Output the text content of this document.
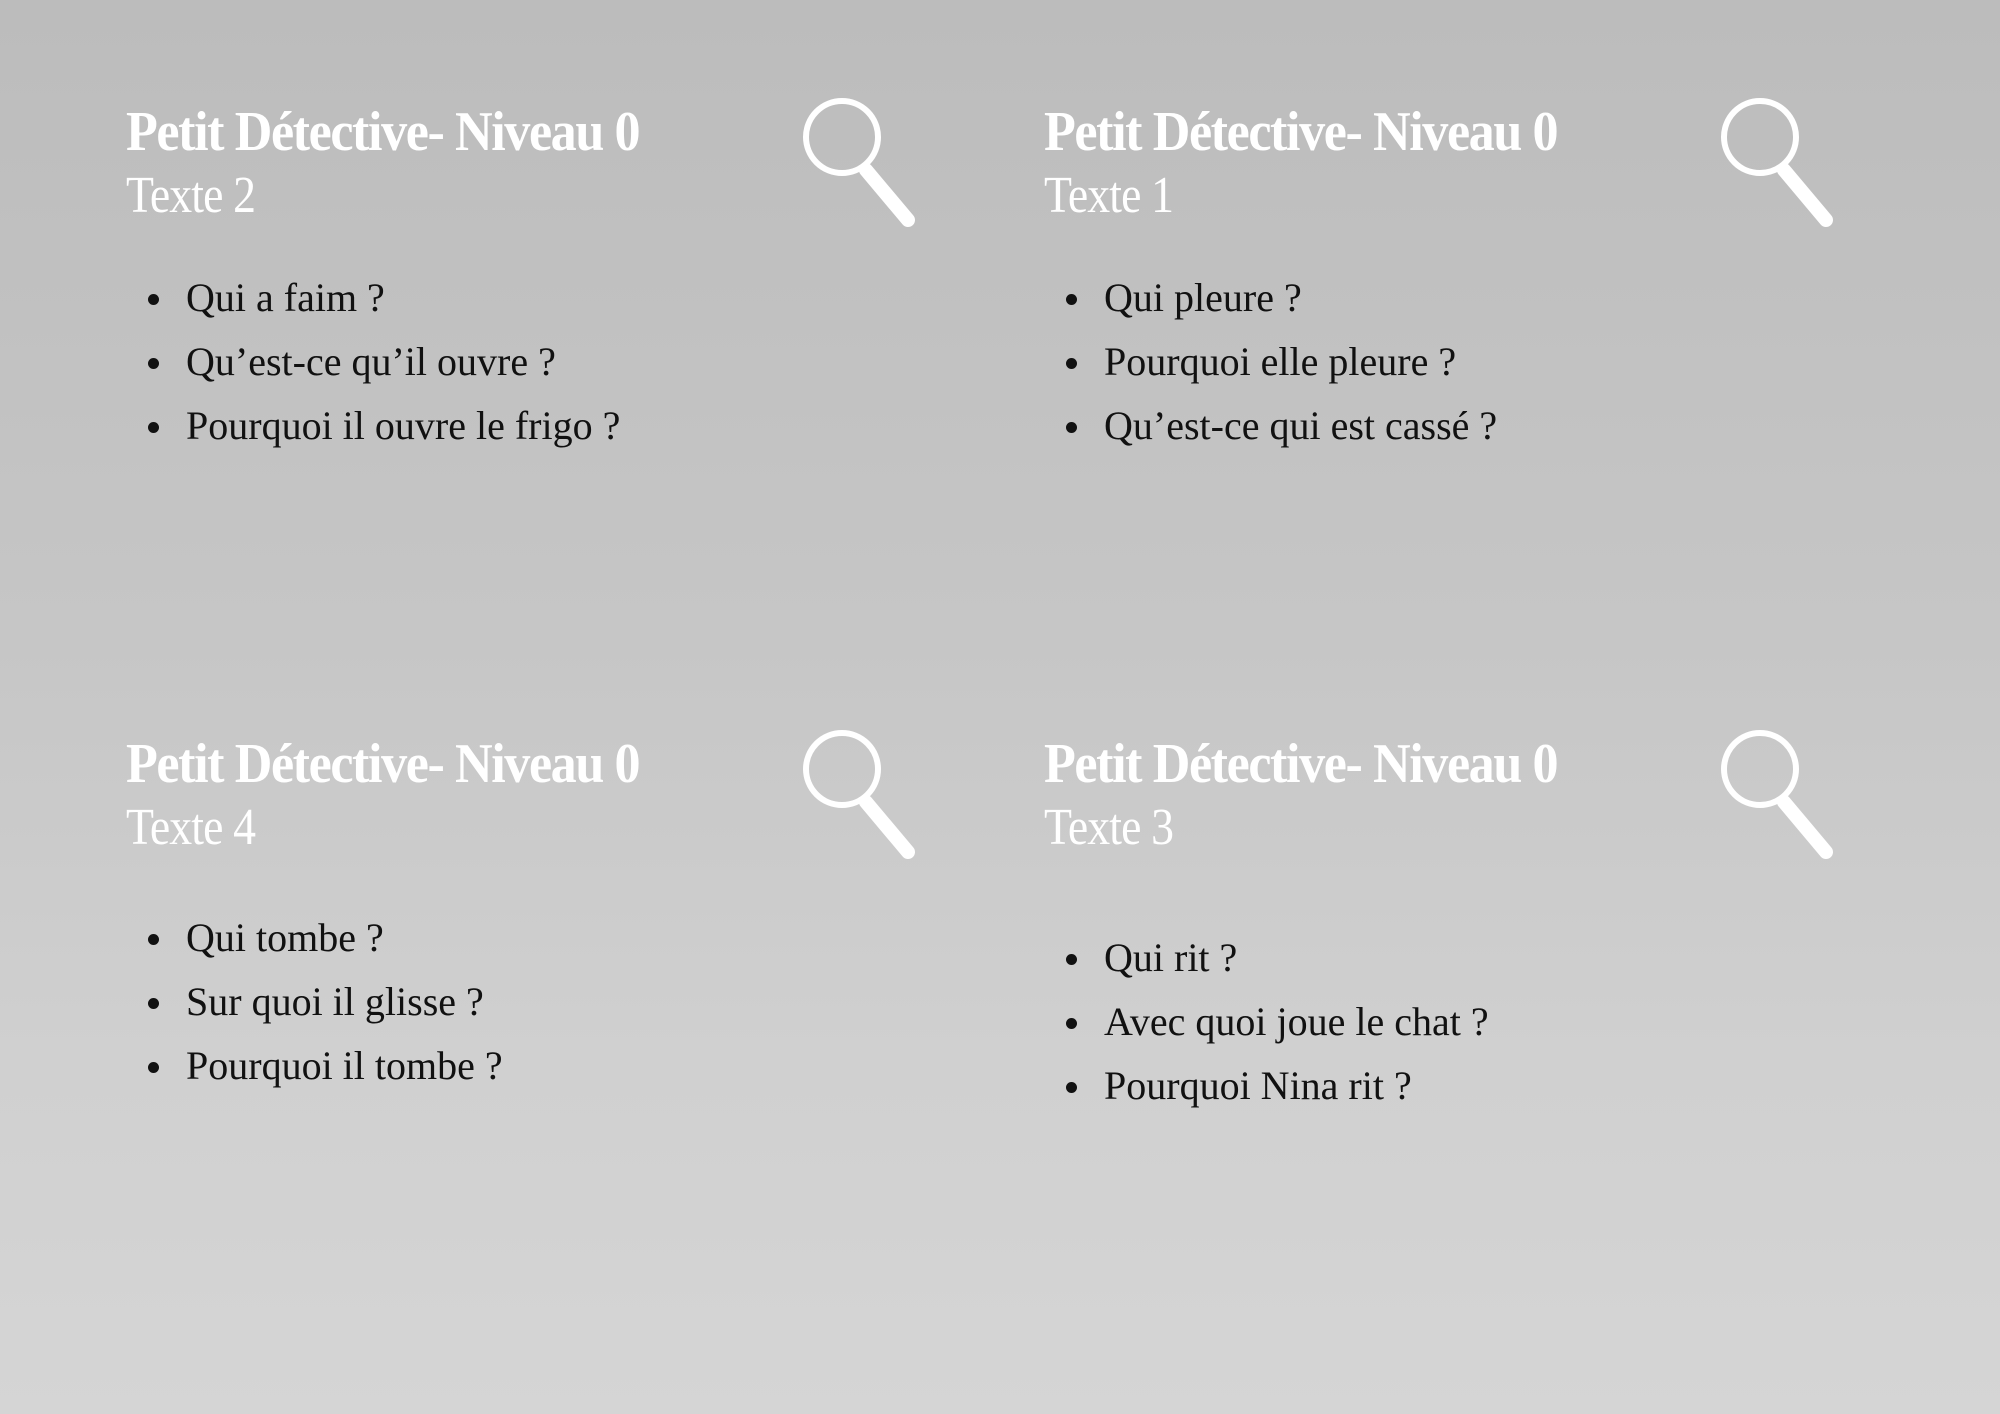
Petit Détective- Niveau 0
Texte 2
Qui a faim ?
Qu’est-ce qu’il ouvre ?
Pourquoi il ouvre le frigo ?
Petit Détective- Niveau 0
Texte 1
Qui pleure ?
Pourquoi elle pleure ?
Qu’est-ce qui est cassé ?
Petit Détective- Niveau 0
Texte 4
Qui tombe ?
Sur quoi il glisse ?
Pourquoi il tombe ?
Petit Détective- Niveau 0
Texte 3
Qui rit ?
Avec quoi joue le chat ?
Pourquoi Nina rit ?
